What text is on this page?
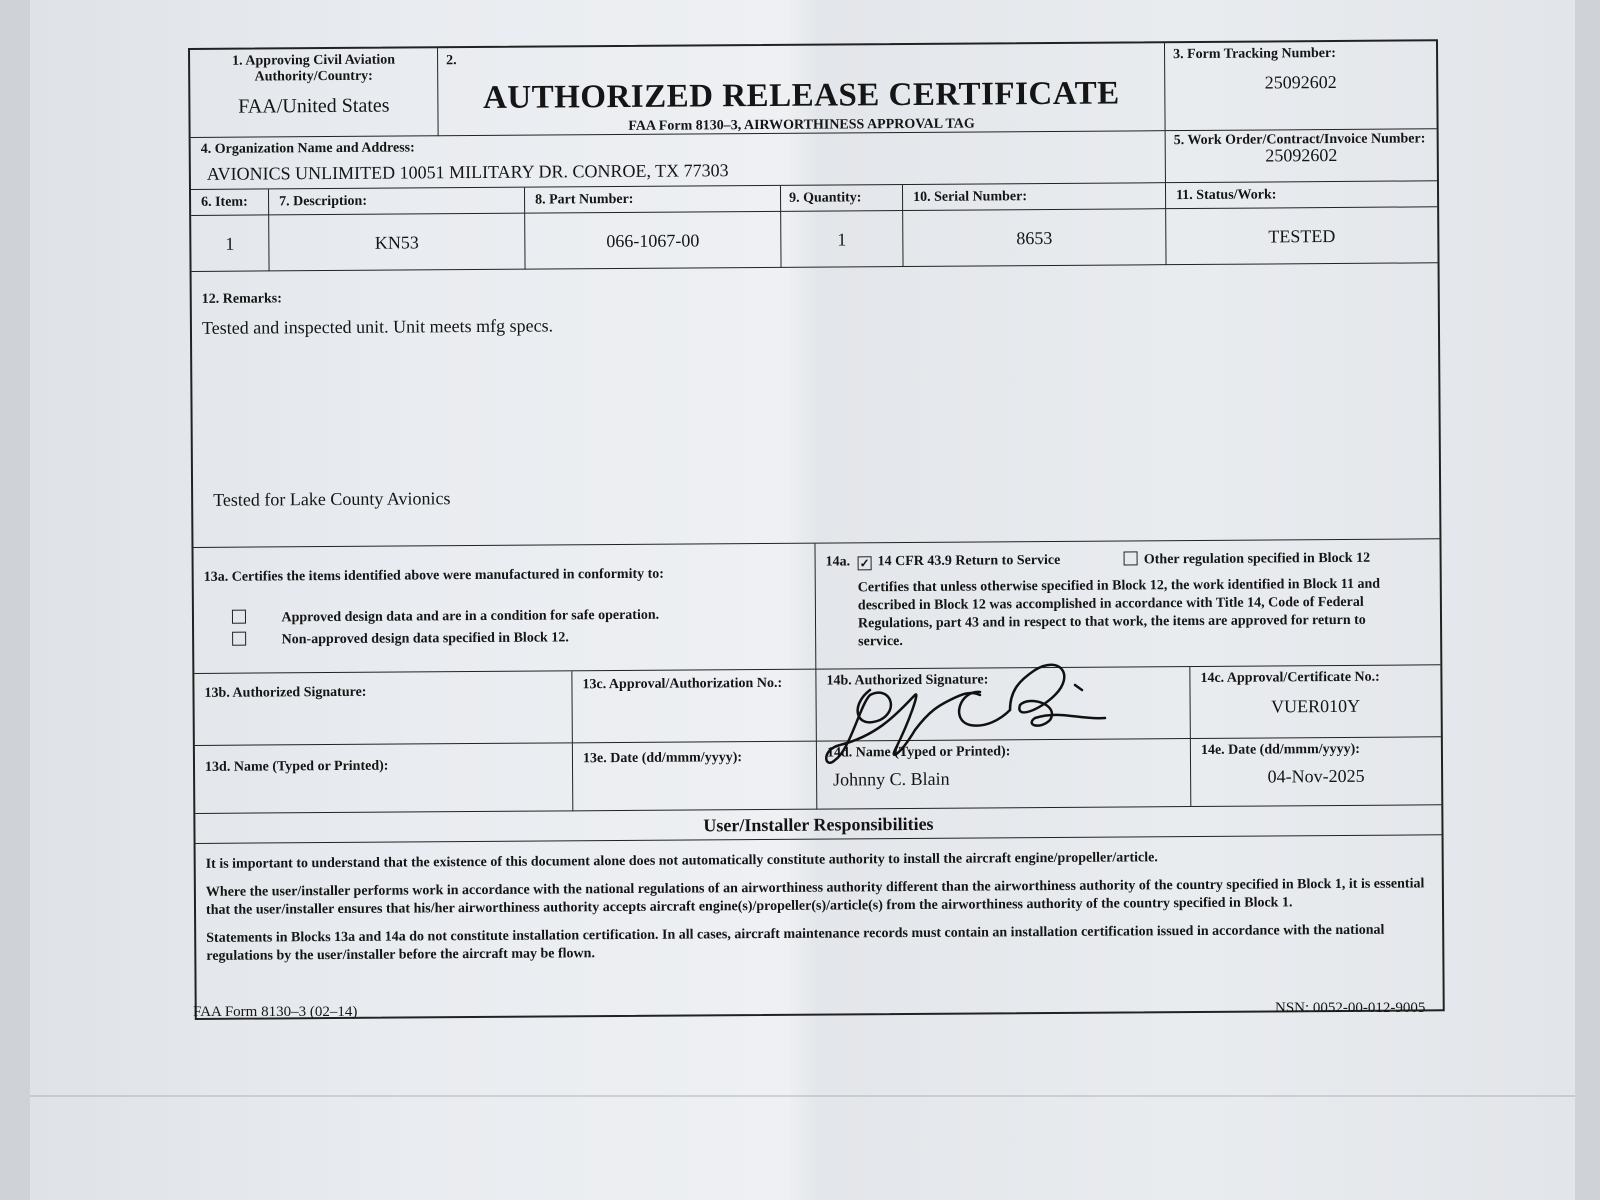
1. Approving Civil Aviation Authority/Country:
FAA/United States
2.
AUTHORIZED RELEASE CERTIFICATE
FAA Form 8130–3, AIRWORTHINESS APPROVAL TAG
3. Form Tracking Number:
25092602
4. Organization Name and Address:
AVIONICS UNLIMITED 10051 MILITARY DR. CONROE, TX 77303
5. Work Order/Contract/Invoice Number:
25092602
6. Item:	7. Description:	8. Part Number:	9. Quantity:	10. Serial Number:	11. Status/Work:
1	KN53	066-1067-00	1	8653	TESTED
12. Remarks:
Tested and inspected unit. Unit meets mfg specs.
Tested for Lake County Avionics
13a. Certifies the items identified above were manufactured in conformity to:
Approved design data and are in a condition for safe operation.
Non-approved design data specified in Block 12.
14a. ✓ 14 CFR 43.9 Return to Service	Other regulation specified in Block 12

Certifies that unless otherwise specified in Block 12, the work identified in Block 11 and described in Block 12 was accomplished in accordance with Title 14, Code of Federal Regulations, part 43 and in respect to that work, the items are approved for return to service.

13b. Authorized Signature:
13c. Approval/Authorization No.:	14b. Authorized Signature:	14c. Approval/Certificate No.:
VUER010Y
13d. Name (Typed or Printed):
13e. Date (dd/mmm/yyyy):	14d. Name (Typed or Printed):
Johnny C. Blain
14e. Date (dd/mmm/yyyy):
04-Nov-2025
User/Installer Responsibilities

It is important to understand that the existence of this document alone does not automatically constitute authority to install the aircraft engine/propeller/article.

Where the user/installer performs work in accordance with the national regulations of an airworthiness authority different than the airworthiness authority of the country specified in Block 1, it is essential that the user/installer ensures that his/her airworthiness authority accepts aircraft engine(s)/propeller(s)/article(s) from the airworthiness authority of the country specified in Block 1.

Statements in Blocks 13a and 14a do not constitute installation certification. In all cases, aircraft maintenance records must contain an installation certification issued in accordance with the national regulations by the user/installer before the aircraft may be flown.

FAA Form 8130–3 (02–14)	NSN: 0052-00-012-9005
